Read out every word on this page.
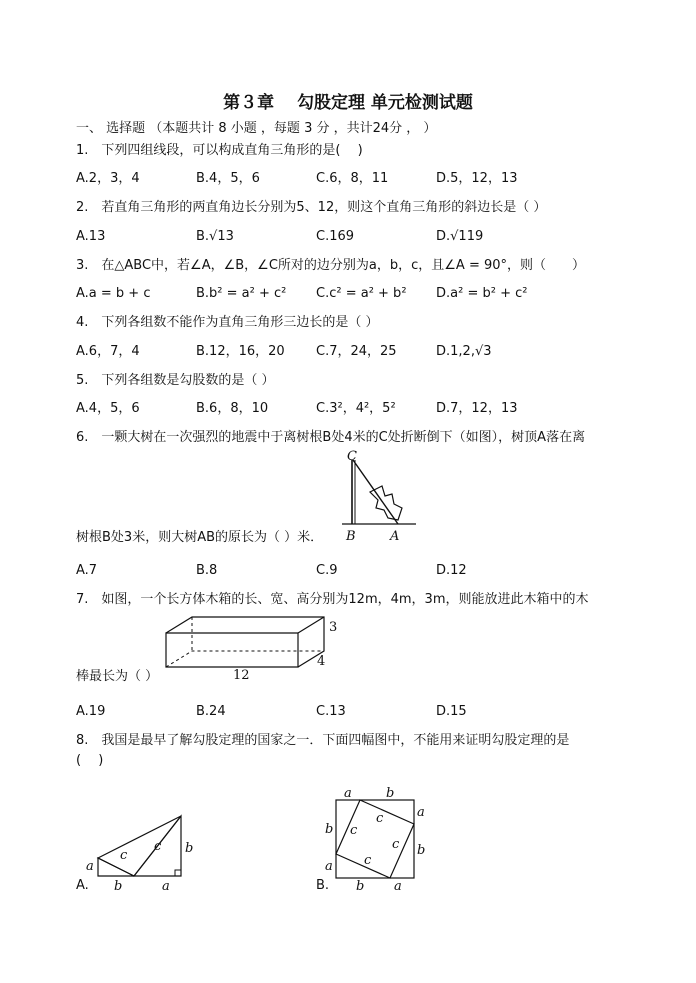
第３章　 勾股定理 单元检测试题
一、 选择题 （本题共计 8 小题 ，每题 3 分 ，共计24分 ， ）
1.　下列四组线段，可以构成直角三角形的是(　 )
A.2，3，4	B.4，5，6	C.6，8，11	D.5，12，13
2.　若直角三角形的两直角边长分别为5、12，则这个直角三角形的斜边长是（ ）
A.13	B.√13	C.169	D.√119
3.　在△ABC中，若∠A，∠B，∠C所对的边分别为a，b，c，且∠A = 90°，则（　　）
A.a = b + c	B.b² = a² + c² C.c² = a² + b² D.a² = b² + c²
4.　下列各组数不能作为直角三角形三边长的是（ ）
A.6，7，4	B.12，16，20 C.7，24，25	D.1,2,√3
5.　下列各组数是勾股数的是（ ）
A.4，5，6	B.6，8，10	C.3²，4²，5²	D.7，12，13
6.　一颗大树在一次强烈的地震中于离树根B处4米的C处折断倒下（如图），树顶A落在离
C
B	A
树根B处3米，则大树AB的原长为（ ）米．
A.7	B.8	C.9	D.12
7.　如图，一个长方体木箱的长、宽、高分别为12m，4m，3m，则能放进此木箱中的木
3
4
12
棒最长为（ ）
A.19	B.24	C.13	D.15
8.　我国是最早了解勾股定理的国家之一．下面四幅图中，不能用来证明勾股定理的是
(　 )
a
b
c
c b
a
A.
a	b
a
b
b
a
b a
c
c
c
c
B.
